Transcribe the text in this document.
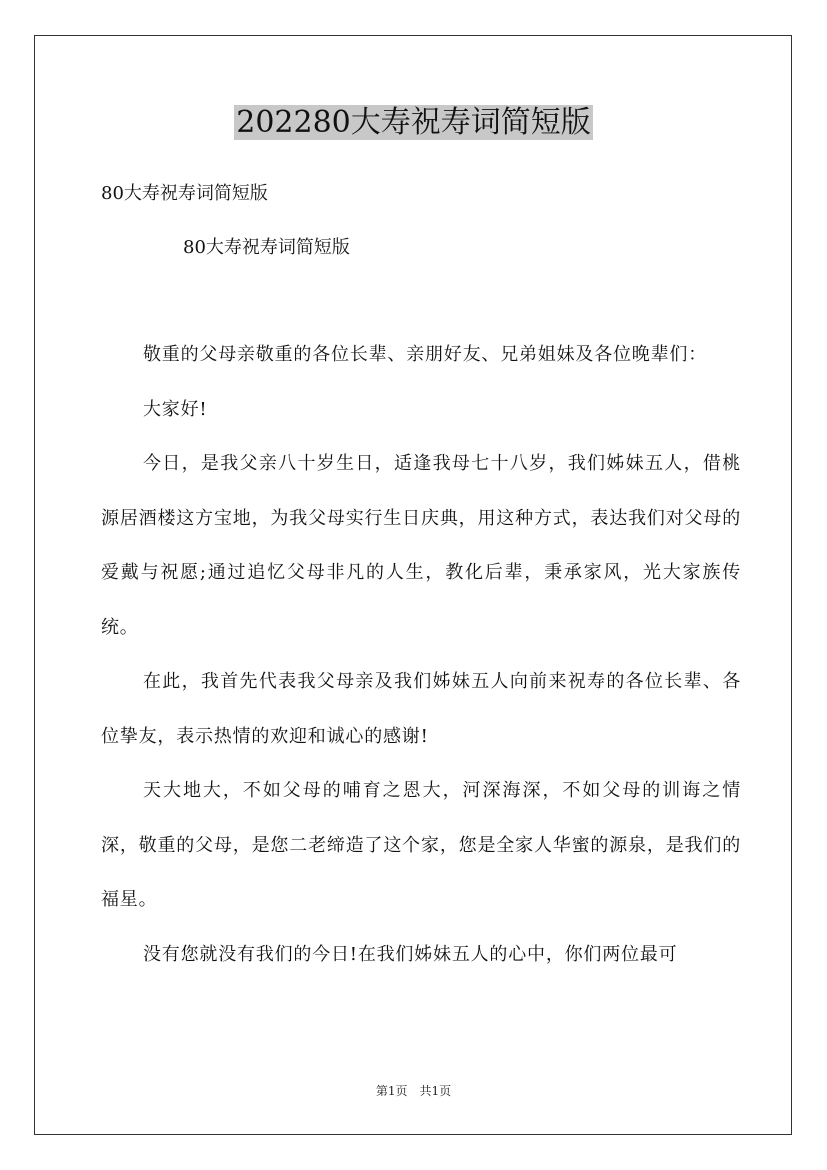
202280大寿祝寿词简短版
80大寿祝寿词简短版
80大寿祝寿词简短版

敬重的父母亲敬重的各位长辈、亲朋好友、兄弟姐妹及各位晚辈们：

大家好!

今日，是我父亲八十岁生日，适逢我母七十八岁，我们姊妹五人，借桃源居酒楼这方宝地，为我父母实行生日庆典，用这种方式，表达我们对父母的爱戴与祝愿;通过追忆父母非凡的人生，教化后辈，秉承家风，光大家族传统。

在此，我首先代表我父母亲及我们姊妹五人向前来祝寿的各位长辈、各位挚友，表示热情的欢迎和诚心的感谢!

天大地大，不如父母的哺育之恩大，河深海深，不如父母的训诲之情深，敬重的父母，是您二老缔造了这个家，您是全家人华蜜的源泉，是我们的福星。

没有您就没有我们的今日!在我们姊妹五人的心中，你们两位最可

第1页　共1页
